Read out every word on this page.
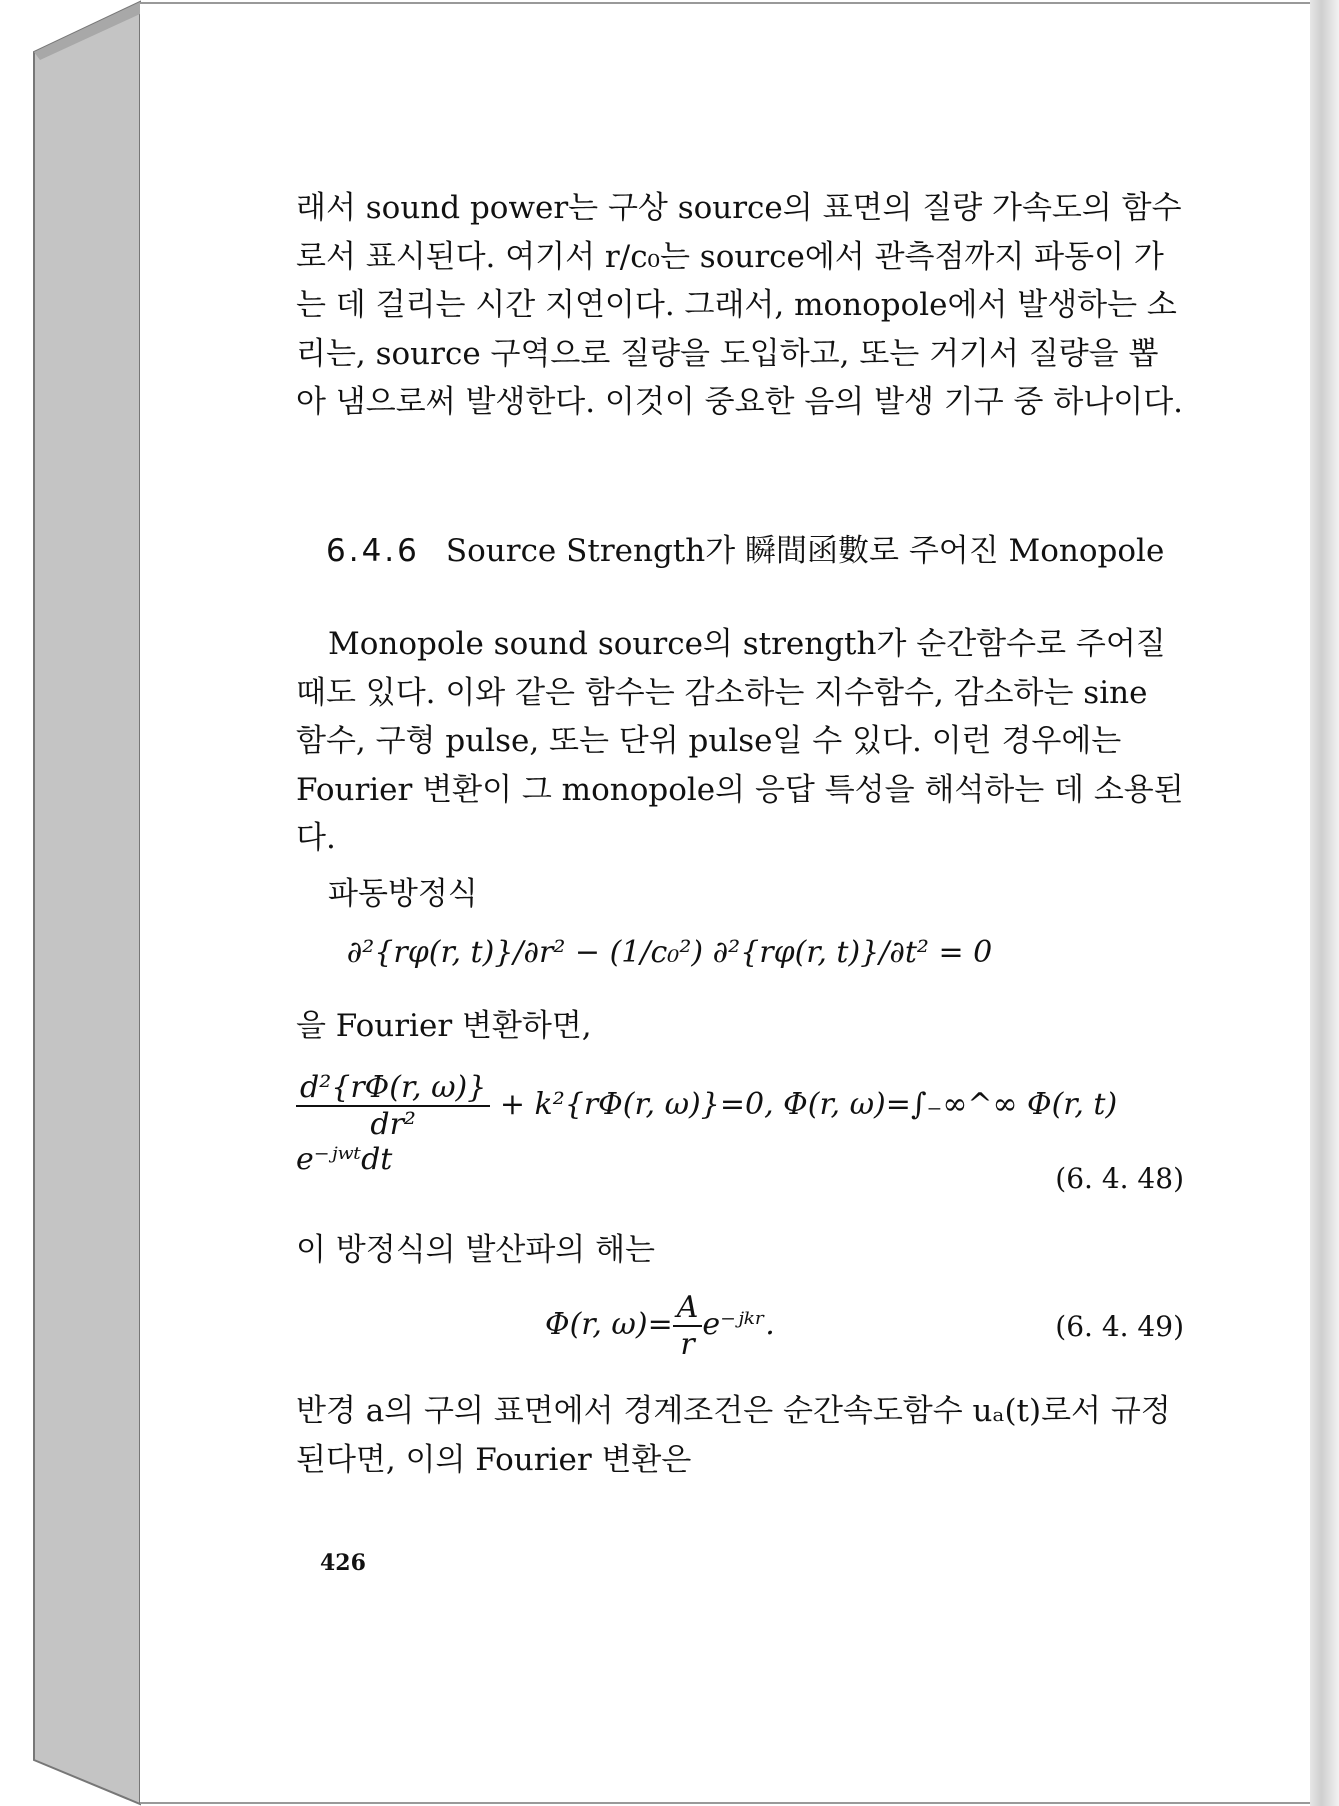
래서 sound power는 구상 source의 표면의 질량 가속도의 함수로서 표시된다. 여기서 r/c₀는 source에서 관측점까지 파동이 가는 데 걸리는 시간 지연이다. 그래서, monopole에서 발생하는 소리는, source 구역으로 질량을 도입하고, 또는 거기서 질량을 뽑아 냄으로써 발생한다. 이것이 중요한 음의 발생 기구 중 하나이다.
6.4.6 Source Strength가 瞬間函數로 주어진 Monopole
Monopole sound source의 strength가 순간함수로 주어질 때도 있다. 이와 같은 함수는 감소하는 지수함수, 감소하는 sine 함수, 구형 pulse, 또는 단위 pulse일 수 있다. 이런 경우에는 Fourier 변환이 그 monopole의 응답 특성을 해석하는 데 소용된다.
파동방정식
∂²{rφ(r, t)}/∂r² − (1/c₀²) ∂²{rφ(r, t)}/∂t² = 0
을 Fourier 변환하면,
$\frac{\text{d²\{rΦ(r, ω)\}}}{\text{dr²}} + k^2\{r\Phi(r$, ω)}=0, Φ(r, ω)=∫₋∞^∞ Φ(r, t) e⁻ʲʷᵗdt
(6. 4. 48)
이 방정식의 발산파의 해는
Φ(r, $\omega)= \frac{A}{r}$ e⁻ʲᵏʳ.	(6. 4. 49)
반경 a의 구의 표면에서 경계조건은 순간속도함수 uₐ(t)로서 규정된다면, 이의 Fourier 변환은
426
